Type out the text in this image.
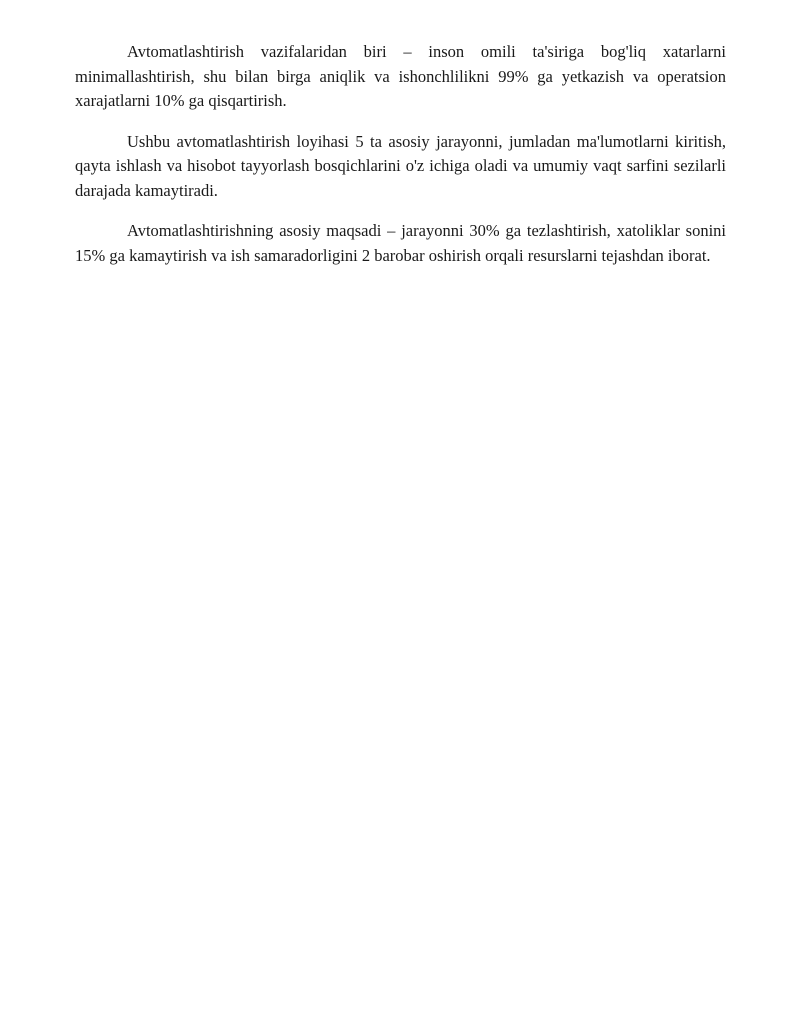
Avtomatlashtirish vazifalaridan biri – inson omili ta'siriga bog'liq xatarlarni minimallashtirish, shu bilan birga aniqlik va ishonchlilikni 99% ga yetkazish va operatsion xarajatlarni 10% ga qisqartirish.

Ushbu avtomatlashtirish loyihasi 5 ta asosiy jarayonni, jumladan ma'lumotlarni kiritish, qayta ishlash va hisobot tayyorlash bosqichlarini o'z ichiga oladi va umumiy vaqt sarfini sezilarli darajada kamaytiradi.

Avtomatlashtirishning asosiy maqsadi – jarayonni 30% ga tezlashtirish, xatoliklar sonini 15% ga kamaytirish va ish samaradorligini 2 barobar oshirish orqali resurslarni tejashdan iborat.
